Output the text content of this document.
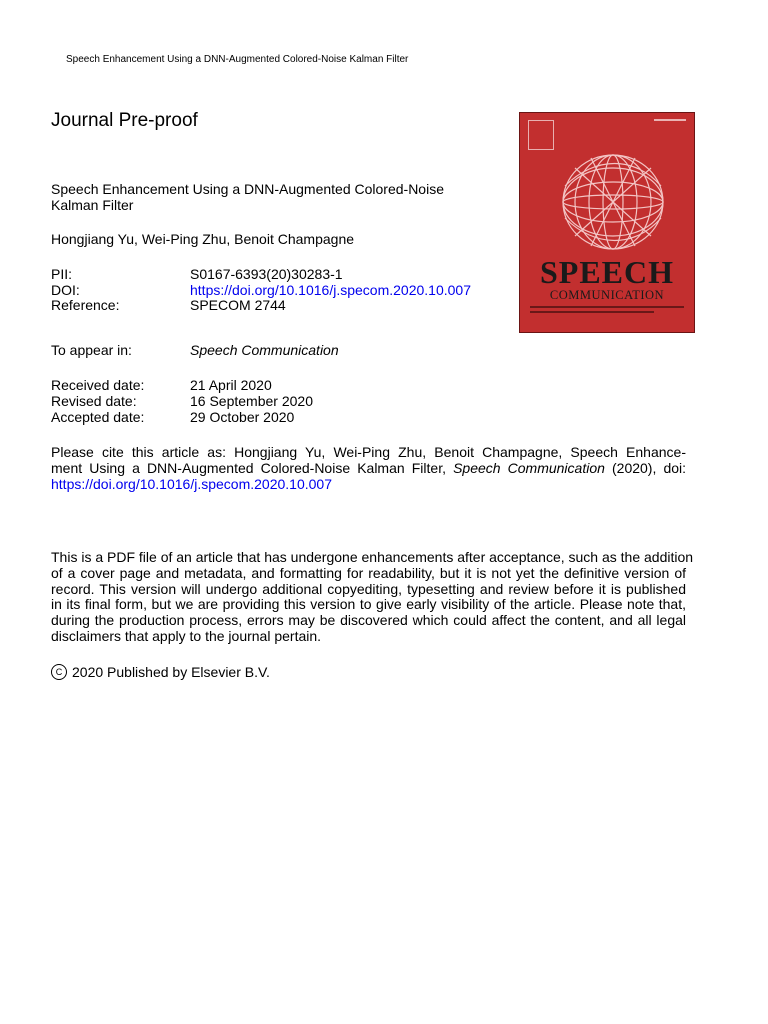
Speech Enhancement Using a DNN-Augmented Colored-Noise Kalman Filter
Journal Pre-proof
Speech Enhancement Using a DNN-Augmented Colored-Noise
Kalman Filter
Hongjiang Yu, Wei-Ping Zhu, Benoit Champagne
PII:	S0167-6393(20)30283-1
DOI:	https://doi.org/10.1016/j.specom.2020.10.007
Reference:	SPECOM 2744
To appear in:	Speech Communication
Received date:	21 April 2020
Revised date:	16 September 2020
Accepted date:	29 October 2020
Please cite this article as: Hongjiang Yu, Wei-Ping Zhu, Benoit Champagne, Speech Enhance-
ment Using a DNN-Augmented Colored-Noise Kalman Filter, Speech Communication (2020), doi:
https://doi.org/10.1016/j.specom.2020.10.007
This is a PDF file of an article that has undergone enhancements after acceptance, such as the addition
of a cover page and metadata, and formatting for readability, but it is not yet the definitive version of
record. This version will undergo additional copyediting, typesetting and review before it is published
in its final form, but we are providing this version to give early visibility of the article. Please note that,
during the production process, errors may be discovered which could affect the content, and all legal
disclaimers that apply to the journal pertain.
C 2020 Published by Elsevier B.V.
SPEECH
COMMUNICATION
